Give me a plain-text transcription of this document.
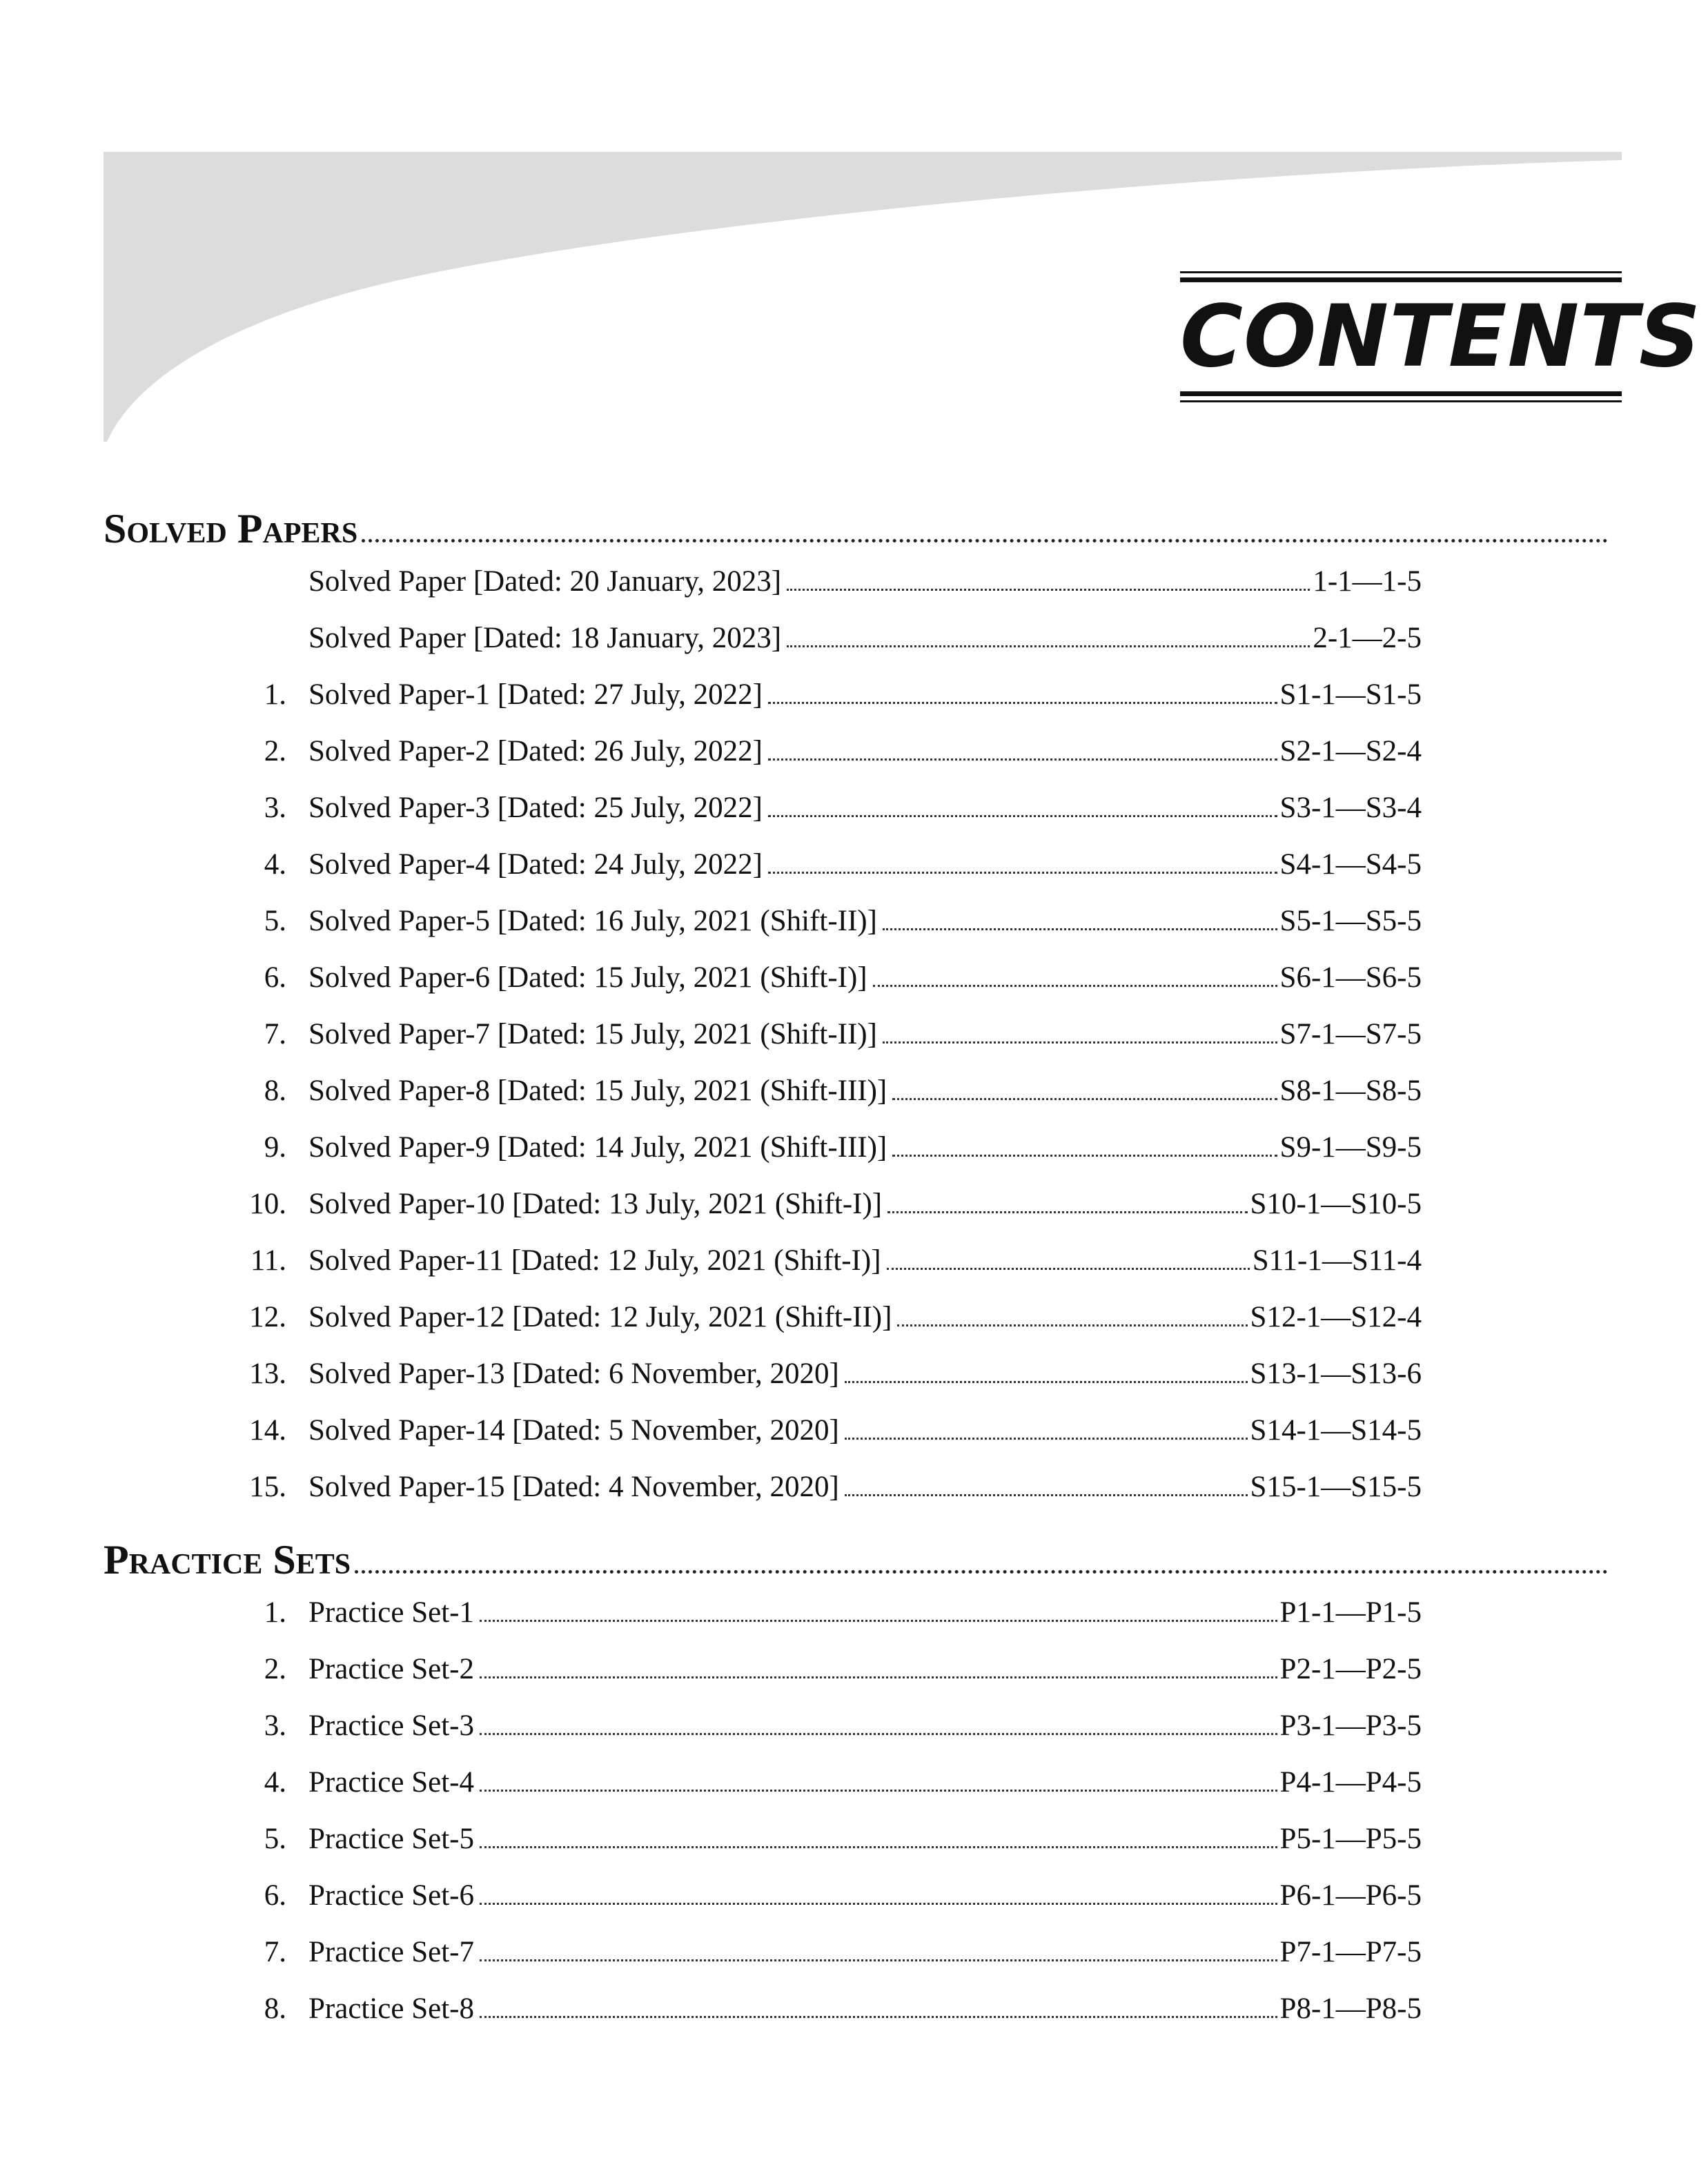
CONTENTS
Solved Papers
Solved Paper [Dated: 20 January, 2023]	1-1—1-5
Solved Paper [Dated: 18 January, 2023]	2-1—2-5
1. Solved Paper-1 [Dated: 27 July, 2022]	S1-1—S1-5
2. Solved Paper-2 [Dated: 26 July, 2022]	S2-1—S2-4
3. Solved Paper-3 [Dated: 25 July, 2022]	S3-1—S3-4
4. Solved Paper-4 [Dated: 24 July, 2022]	S4-1—S4-5
5. Solved Paper-5 [Dated: 16 July, 2021 (Shift-II)]	S5-1—S5-5
6. Solved Paper-6 [Dated: 15 July, 2021 (Shift-I)]	S6-1—S6-5
7. Solved Paper-7 [Dated: 15 July, 2021 (Shift-II)]	S7-1—S7-5
8. Solved Paper-8 [Dated: 15 July, 2021 (Shift-III)]	S8-1—S8-5
9. Solved Paper-9 [Dated: 14 July, 2021 (Shift-III)]	S9-1—S9-5
10. Solved Paper-10 [Dated: 13 July, 2021 (Shift-I)]	S10-1—S10-5
11. Solved Paper-11 [Dated: 12 July, 2021 (Shift-I)]	S11-1—S11-4
12. Solved Paper-12 [Dated: 12 July, 2021 (Shift-II)]	S12-1—S12-4
13. Solved Paper-13 [Dated: 6 November, 2020]	S13-1—S13-6
14. Solved Paper-14 [Dated: 5 November, 2020]	S14-1—S14-5
15. Solved Paper-15 [Dated: 4 November, 2020]	S15-1—S15-5
Practice Sets
1. Practice Set-1	P1-1—P1-5
2. Practice Set-2	P2-1—P2-5
3. Practice Set-3	P3-1—P3-5
4. Practice Set-4	P4-1—P4-5
5. Practice Set-5	P5-1—P5-5
6. Practice Set-6	P6-1—P6-5
7. Practice Set-7	P7-1—P7-5
8. Practice Set-8	P8-1—P8-5
